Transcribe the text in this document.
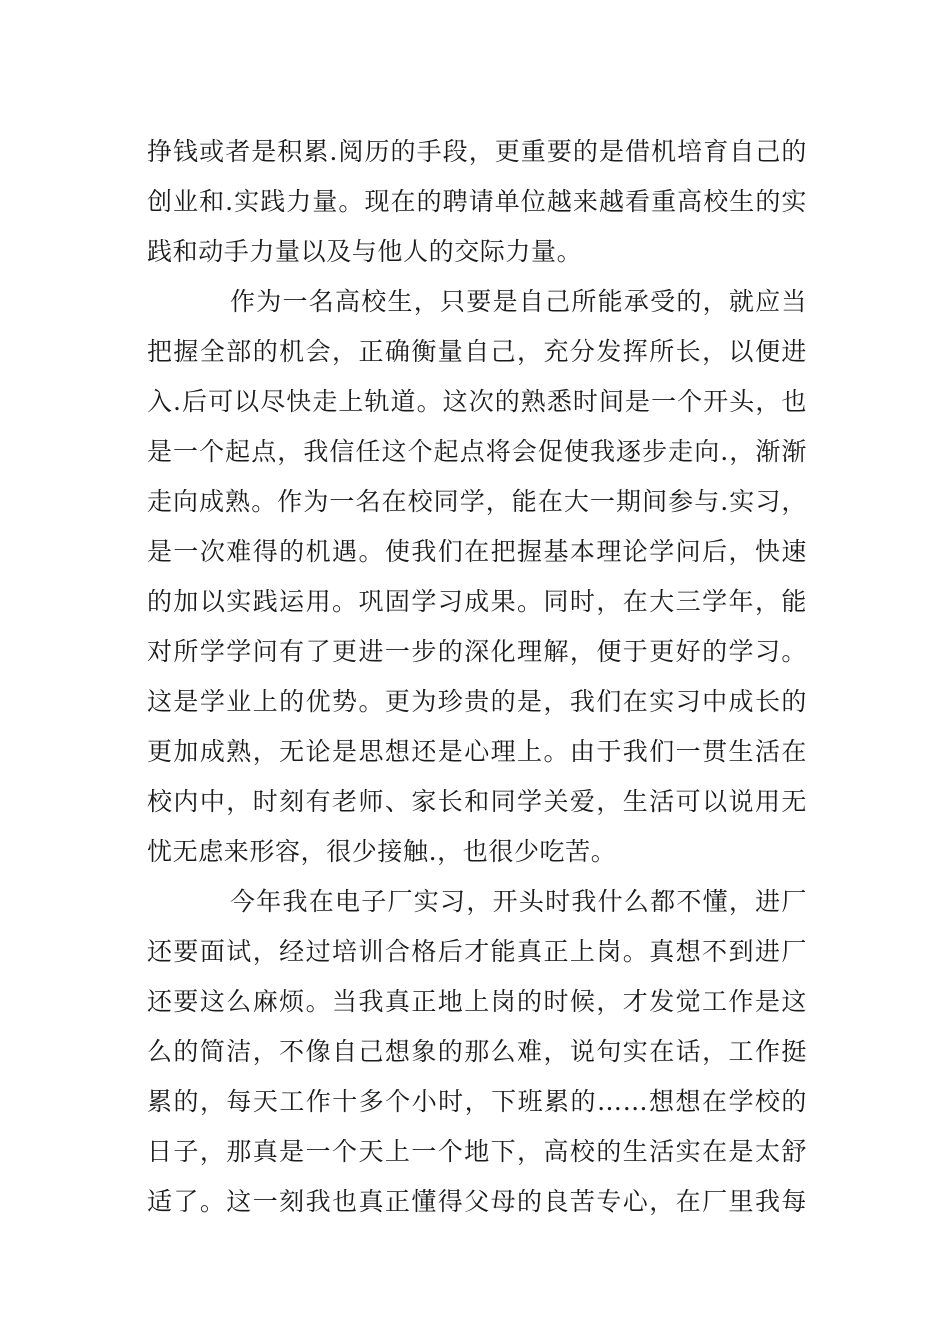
挣钱或者是积累.阅历的手段，更重要的是借机培育自己的
创业和.实践力量。现在的聘请单位越来越看重高校生的实
践和动手力量以及与他人的交际力量。
作为一名高校生，只要是自己所能承受的，就应当
把握全部的机会，正确衡量自己，充分发挥所长，以便进
入.后可以尽快走上轨道。这次的熟悉时间是一个开头，也
是一个起点，我信任这个起点将会促使我逐步走向.，渐渐
走向成熟。作为一名在校同学，能在大一期间参与.实习，
是一次难得的机遇。使我们在把握基本理论学问后，快速
的加以实践运用。巩固学习成果。同时，在大三学年，能
对所学学问有了更进一步的深化理解，便于更好的学习。
这是学业上的优势。更为珍贵的是，我们在实习中成长的
更加成熟，无论是思想还是心理上。由于我们一贯生活在
校内中，时刻有老师、家长和同学关爱，生活可以说用无
忧无虑来形容，很少接触.，也很少吃苦。
今年我在电子厂实习，开头时我什么都不懂，进厂
还要面试，经过培训合格后才能真正上岗。真想不到进厂
还要这么麻烦。当我真正地上岗的时候，才发觉工作是这
么的简洁，不像自己想象的那么难，说句实在话，工作挺
累的，每天工作十多个小时，下班累的……想想在学校的
日子，那真是一个天上一个地下，高校的生活实在是太舒
适了。这一刻我也真正懂得父母的良苦专心，在厂里我每
